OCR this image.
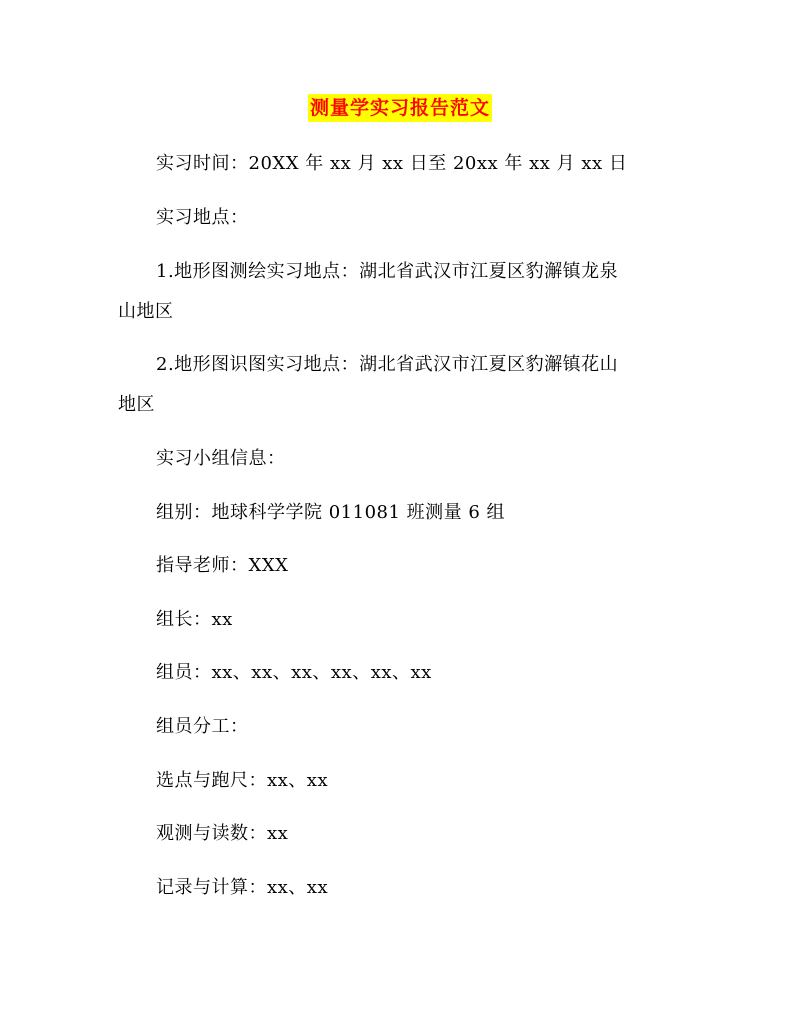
测量学实习报告范文
实习时间：20XX 年 xx 月 xx 日至 20xx 年 xx 月 xx 日
实习地点：
1.地形图测绘实习地点：湖北省武汉市江夏区豹澥镇龙泉
山地区
2.地形图识图实习地点：湖北省武汉市江夏区豹澥镇花山
地区
实习小组信息：
组别：地球科学学院 011081 班测量 6 组
指导老师：XXX
组长：xx
组员：xx、xx、xx、xx、xx、xx
组员分工：
选点与跑尺：xx、xx
观测与读数：xx
记录与计算：xx、xx
